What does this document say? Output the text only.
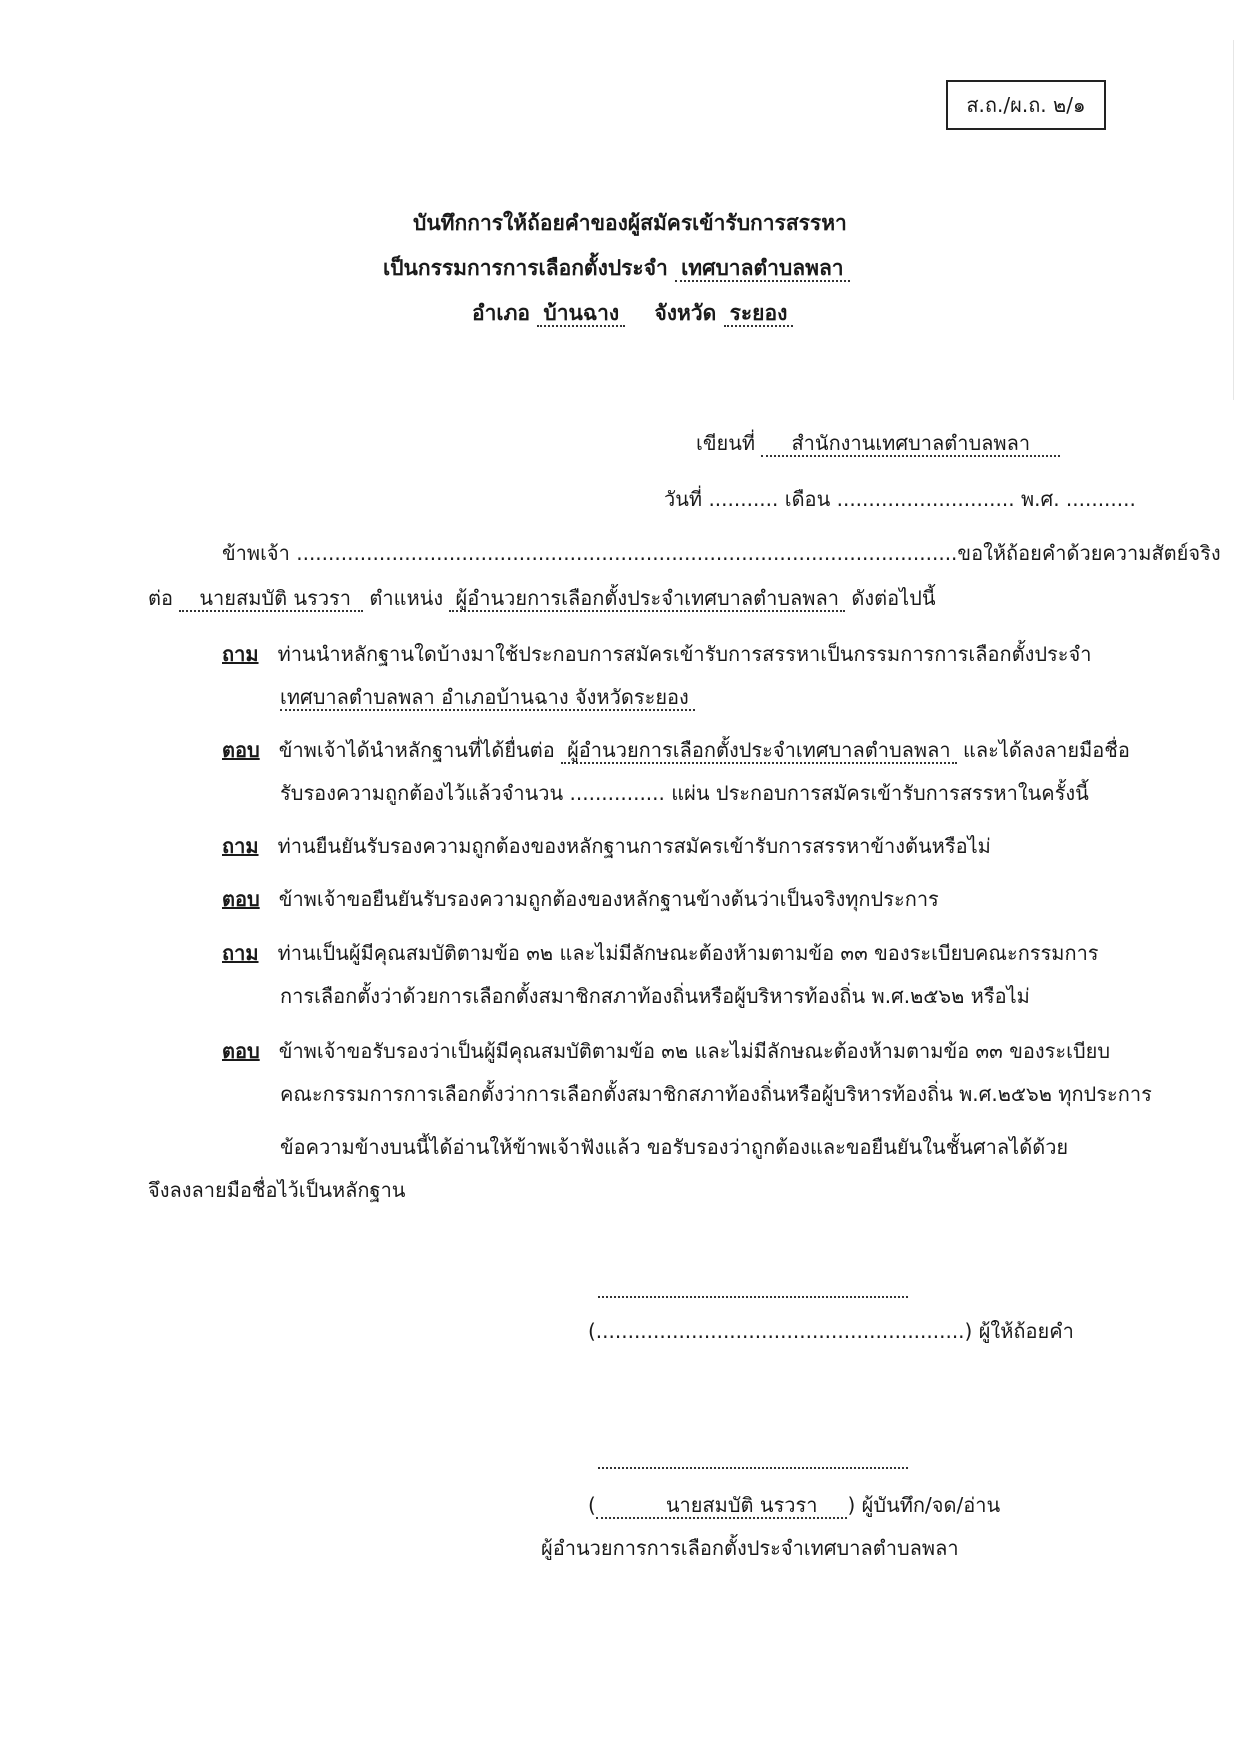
ส.ถ./ผ.ถ. ๒/๑
บันทึกการให้ถ้อยคำของผู้สมัครเข้ารับการสรรหา
เป็นกรรมการการเลือกตั้งประจำ เทศบาลตำบลพลา
อำเภอ บ้านฉาง จังหวัด ระยอง
เขียนที่ สำนักงานเทศบาลตำบลพลา
วันที่ ........... เดือน ............................ พ.ศ. ...........
ข้าพเจ้า ........................................................................................................ขอให้ถ้อยคำด้วยความสัตย์จริง
ต่อ นายสมบัติ นรวรา ตำแหน่ง ผู้อำนวยการเลือกตั้งประจำเทศบาลตำบลพลา ดังต่อไปนี้
ถาม ท่านนำหลักฐานใดบ้างมาใช้ประกอบการสมัครเข้ารับการสรรหาเป็นกรรมการการเลือกตั้งประจำ
เทศบาลตำบลพลา อำเภอบ้านฉาง จังหวัดระยอง
ตอบ ข้าพเจ้าได้นำหลักฐานที่ได้ยื่นต่อ ผู้อำนวยการเลือกตั้งประจำเทศบาลตำบลพลา และได้ลงลายมือชื่อ
รับรองความถูกต้องไว้แล้วจำนวน ............... แผ่น ประกอบการสมัครเข้ารับการสรรหาในครั้งนี้
ถาม ท่านยืนยันรับรองความถูกต้องของหลักฐานการสมัครเข้ารับการสรรหาข้างต้นหรือไม่
ตอบ ข้าพเจ้าขอยืนยันรับรองความถูกต้องของหลักฐานข้างต้นว่าเป็นจริงทุกประการ
ถาม ท่านเป็นผู้มีคุณสมบัติตามข้อ ๓๒ และไม่มีลักษณะต้องห้ามตามข้อ ๓๓ ของระเบียบคณะกรรมการ
การเลือกตั้งว่าด้วยการเลือกตั้งสมาชิกสภาท้องถิ่นหรือผู้บริหารท้องถิ่น พ.ศ.๒๕๖๒ หรือไม่
ตอบ ข้าพเจ้าขอรับรองว่าเป็นผู้มีคุณสมบัติตามข้อ ๓๒ และไม่มีลักษณะต้องห้ามตามข้อ ๓๓ ของระเบียบ
คณะกรรมการการเลือกตั้งว่าการเลือกตั้งสมาชิกสภาท้องถิ่นหรือผู้บริหารท้องถิ่น พ.ศ.๒๕๖๒ ทุกประการ
ข้อความข้างบนนี้ได้อ่านให้ข้าพเจ้าฟังแล้ว ขอรับรองว่าถูกต้องและขอยืนยันในชั้นศาลได้ด้วย
จึงลงลายมือชื่อไว้เป็นหลักฐาน
(..........................................................) ผู้ให้ถ้อยคำ
(	นายสมบัติ นรวรา ) ผู้บันทึก/จด/อ่าน
ผู้อำนวยการการเลือกตั้งประจำเทศบาลตำบลพลา
